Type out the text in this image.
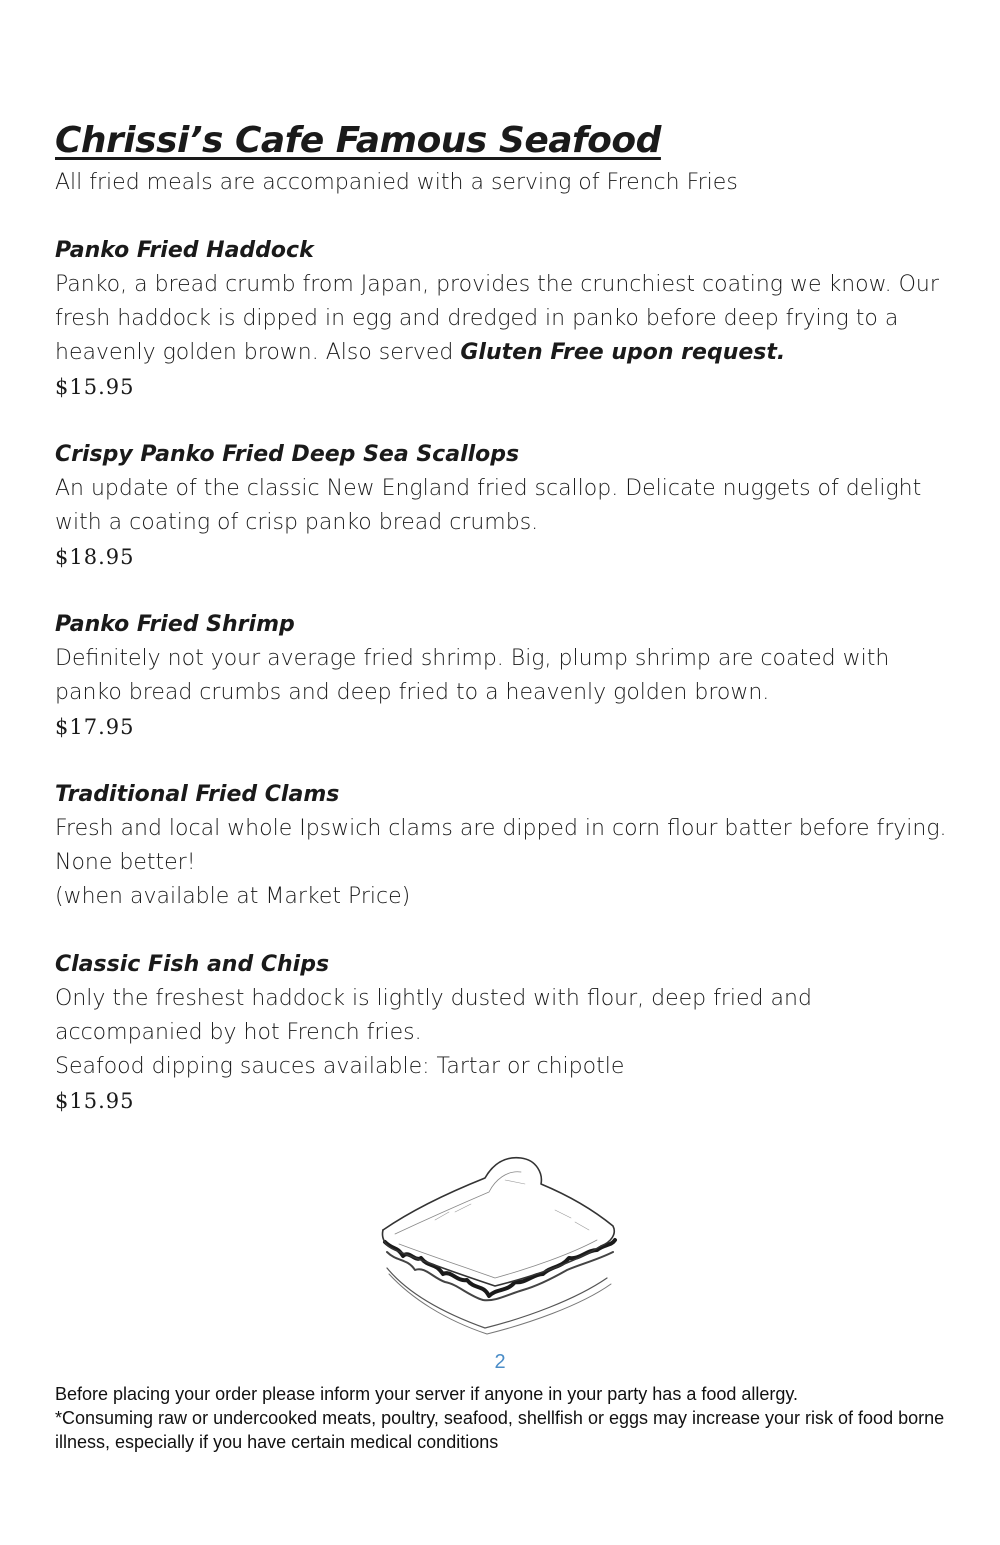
Chrissi’s Cafe Famous Seafood

All fried meals are accompanied with a serving of French Fries

Panko Fried Haddock

Panko, a bread crumb from Japan, provides the crunchiest coating we know. Our fresh haddock is dipped in egg and dredged in panko before deep frying to a heavenly golden brown. Also served Gluten Free upon request.

$15.95

Crispy Panko Fried Deep Sea Scallops

An update of the classic New England fried scallop. Delicate nuggets of delight with a coating of crisp panko bread crumbs.

$18.95

Panko Fried Shrimp

Definitely not your average fried shrimp. Big, plump shrimp are coated with panko bread crumbs and deep fried to a heavenly golden brown.

$17.95

Traditional Fried Clams

Fresh and local whole Ipswich clams are dipped in corn flour batter before frying. None better!

(when available at Market Price)

Classic Fish and Chips

Only the freshest haddock is lightly dusted with flour, deep fried and accompanied by hot French fries.

Seafood dipping sauces available: Tartar or chipotle

$15.95

2

Before placing your order please inform your server if anyone in your party has a food allergy.

*Consuming raw or undercooked meats, poultry, seafood, shellfish or eggs may increase your risk of food borne illness, especially if you have certain medical conditions
